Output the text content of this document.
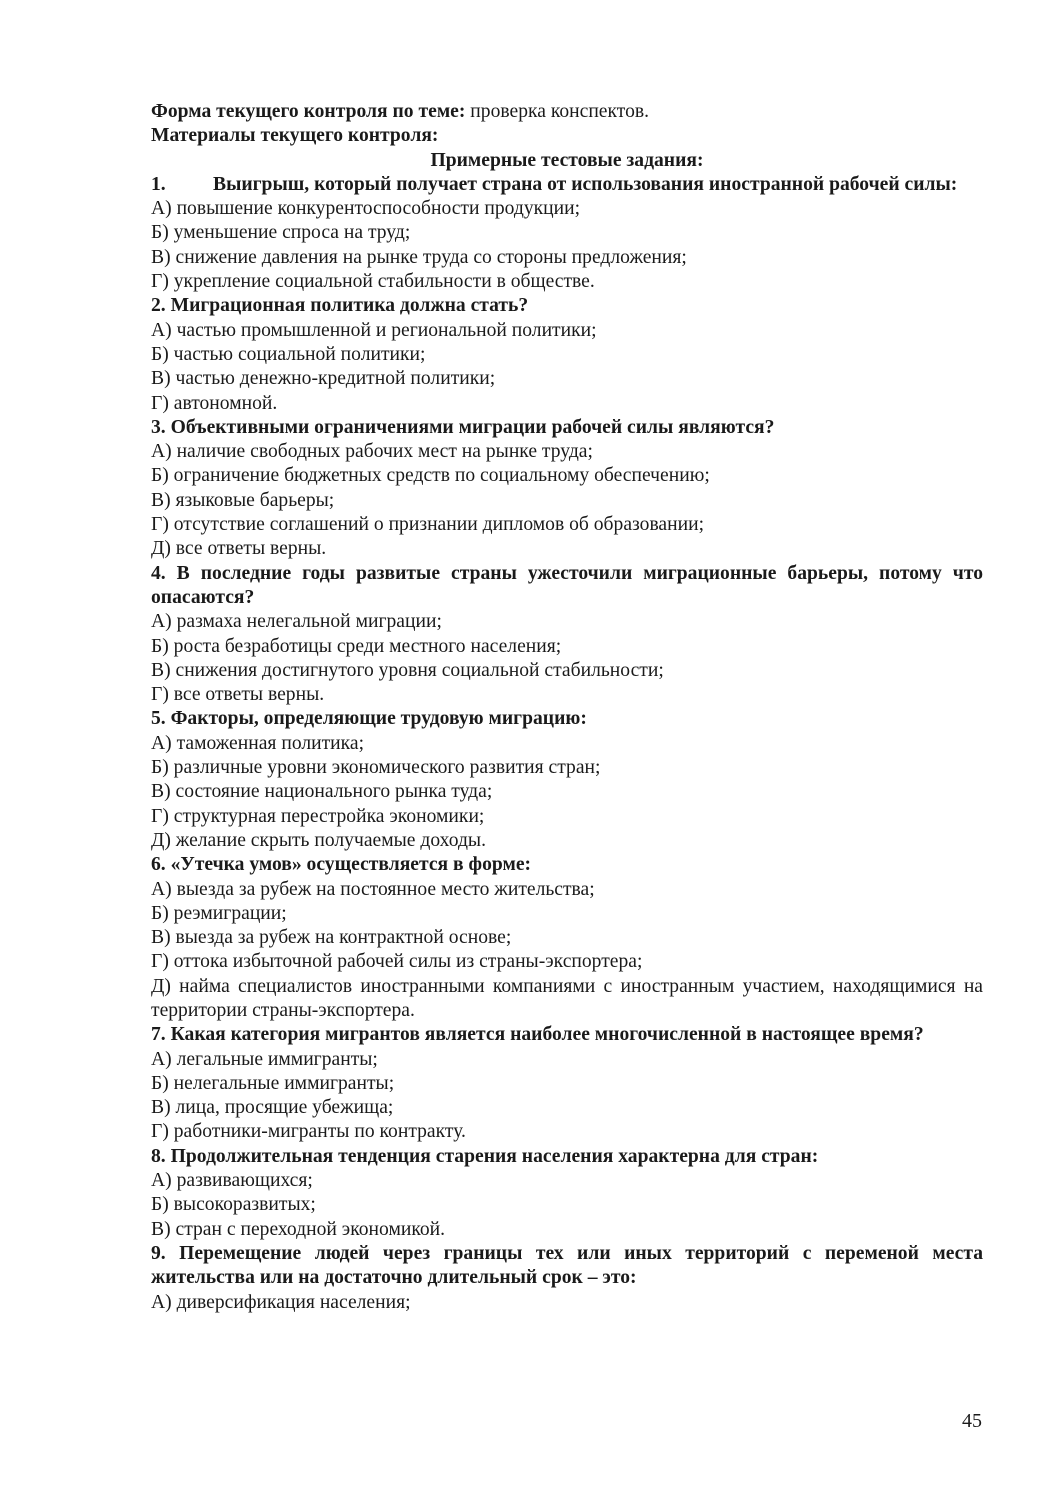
Форма текущего контроля по теме: проверка конспектов.

Материалы текущего контроля:

Примерные тестовые задания:

1. Выигрыш, который получает страна от использования иностранной рабочей силы:

А) повышение конкурентоспособности продукции;

Б) уменьшение спроса на труд;

В) снижение давления на рынке труда со стороны предложения;

Г) укрепление социальной стабильности в обществе.

2. Миграционная политика должна стать?

А) частью промышленной и региональной политики;

Б) частью социальной политики;

В) частью денежно-кредитной политики;

Г) автономной.

3. Объективными ограничениями миграции рабочей силы являются?

А) наличие свободных рабочих мест на рынке труда;

Б) ограничение бюджетных средств по социальному обеспечению;

В) языковые барьеры;

Г) отсутствие соглашений о признании дипломов об образовании;

Д) все ответы верны.

4. В последние годы развитые страны ужесточили миграционные барьеры, потому что опасаются?

А) размаха нелегальной миграции;

Б) роста безработицы среди местного населения;

В) снижения достигнутого уровня социальной стабильности;

Г) все ответы верны.

5. Факторы, определяющие трудовую миграцию:

А) таможенная политика;

Б) различные уровни экономического развития стран;

В) состояние национального рынка туда;

Г) структурная перестройка экономики;

Д) желание скрыть получаемые доходы.

6. «Утечка умов» осуществляется в форме:

А) выезда за рубеж на постоянное место жительства;

Б) реэмиграции;

В) выезда за рубеж на контрактной основе;

Г) оттока избыточной рабочей силы из страны-экспортера;

Д) найма специалистов иностранными компаниями с иностранным участием, находящимися на территории страны-экспортера.

7. Какая категория мигрантов является наиболее многочисленной в настоящее время?

А) легальные иммигранты;

Б) нелегальные иммигранты;

В) лица, просящие убежища;

Г) работники-мигранты по контракту.

8. Продолжительная тенденция старения населения характерна для стран:

А) развивающихся;

Б) высокоразвитых;

В) стран с переходной экономикой.

9. Перемещение людей через границы тех или иных территорий с переменой места жительства или на достаточно длительный срок – это:

А) диверсификация населения;

45
